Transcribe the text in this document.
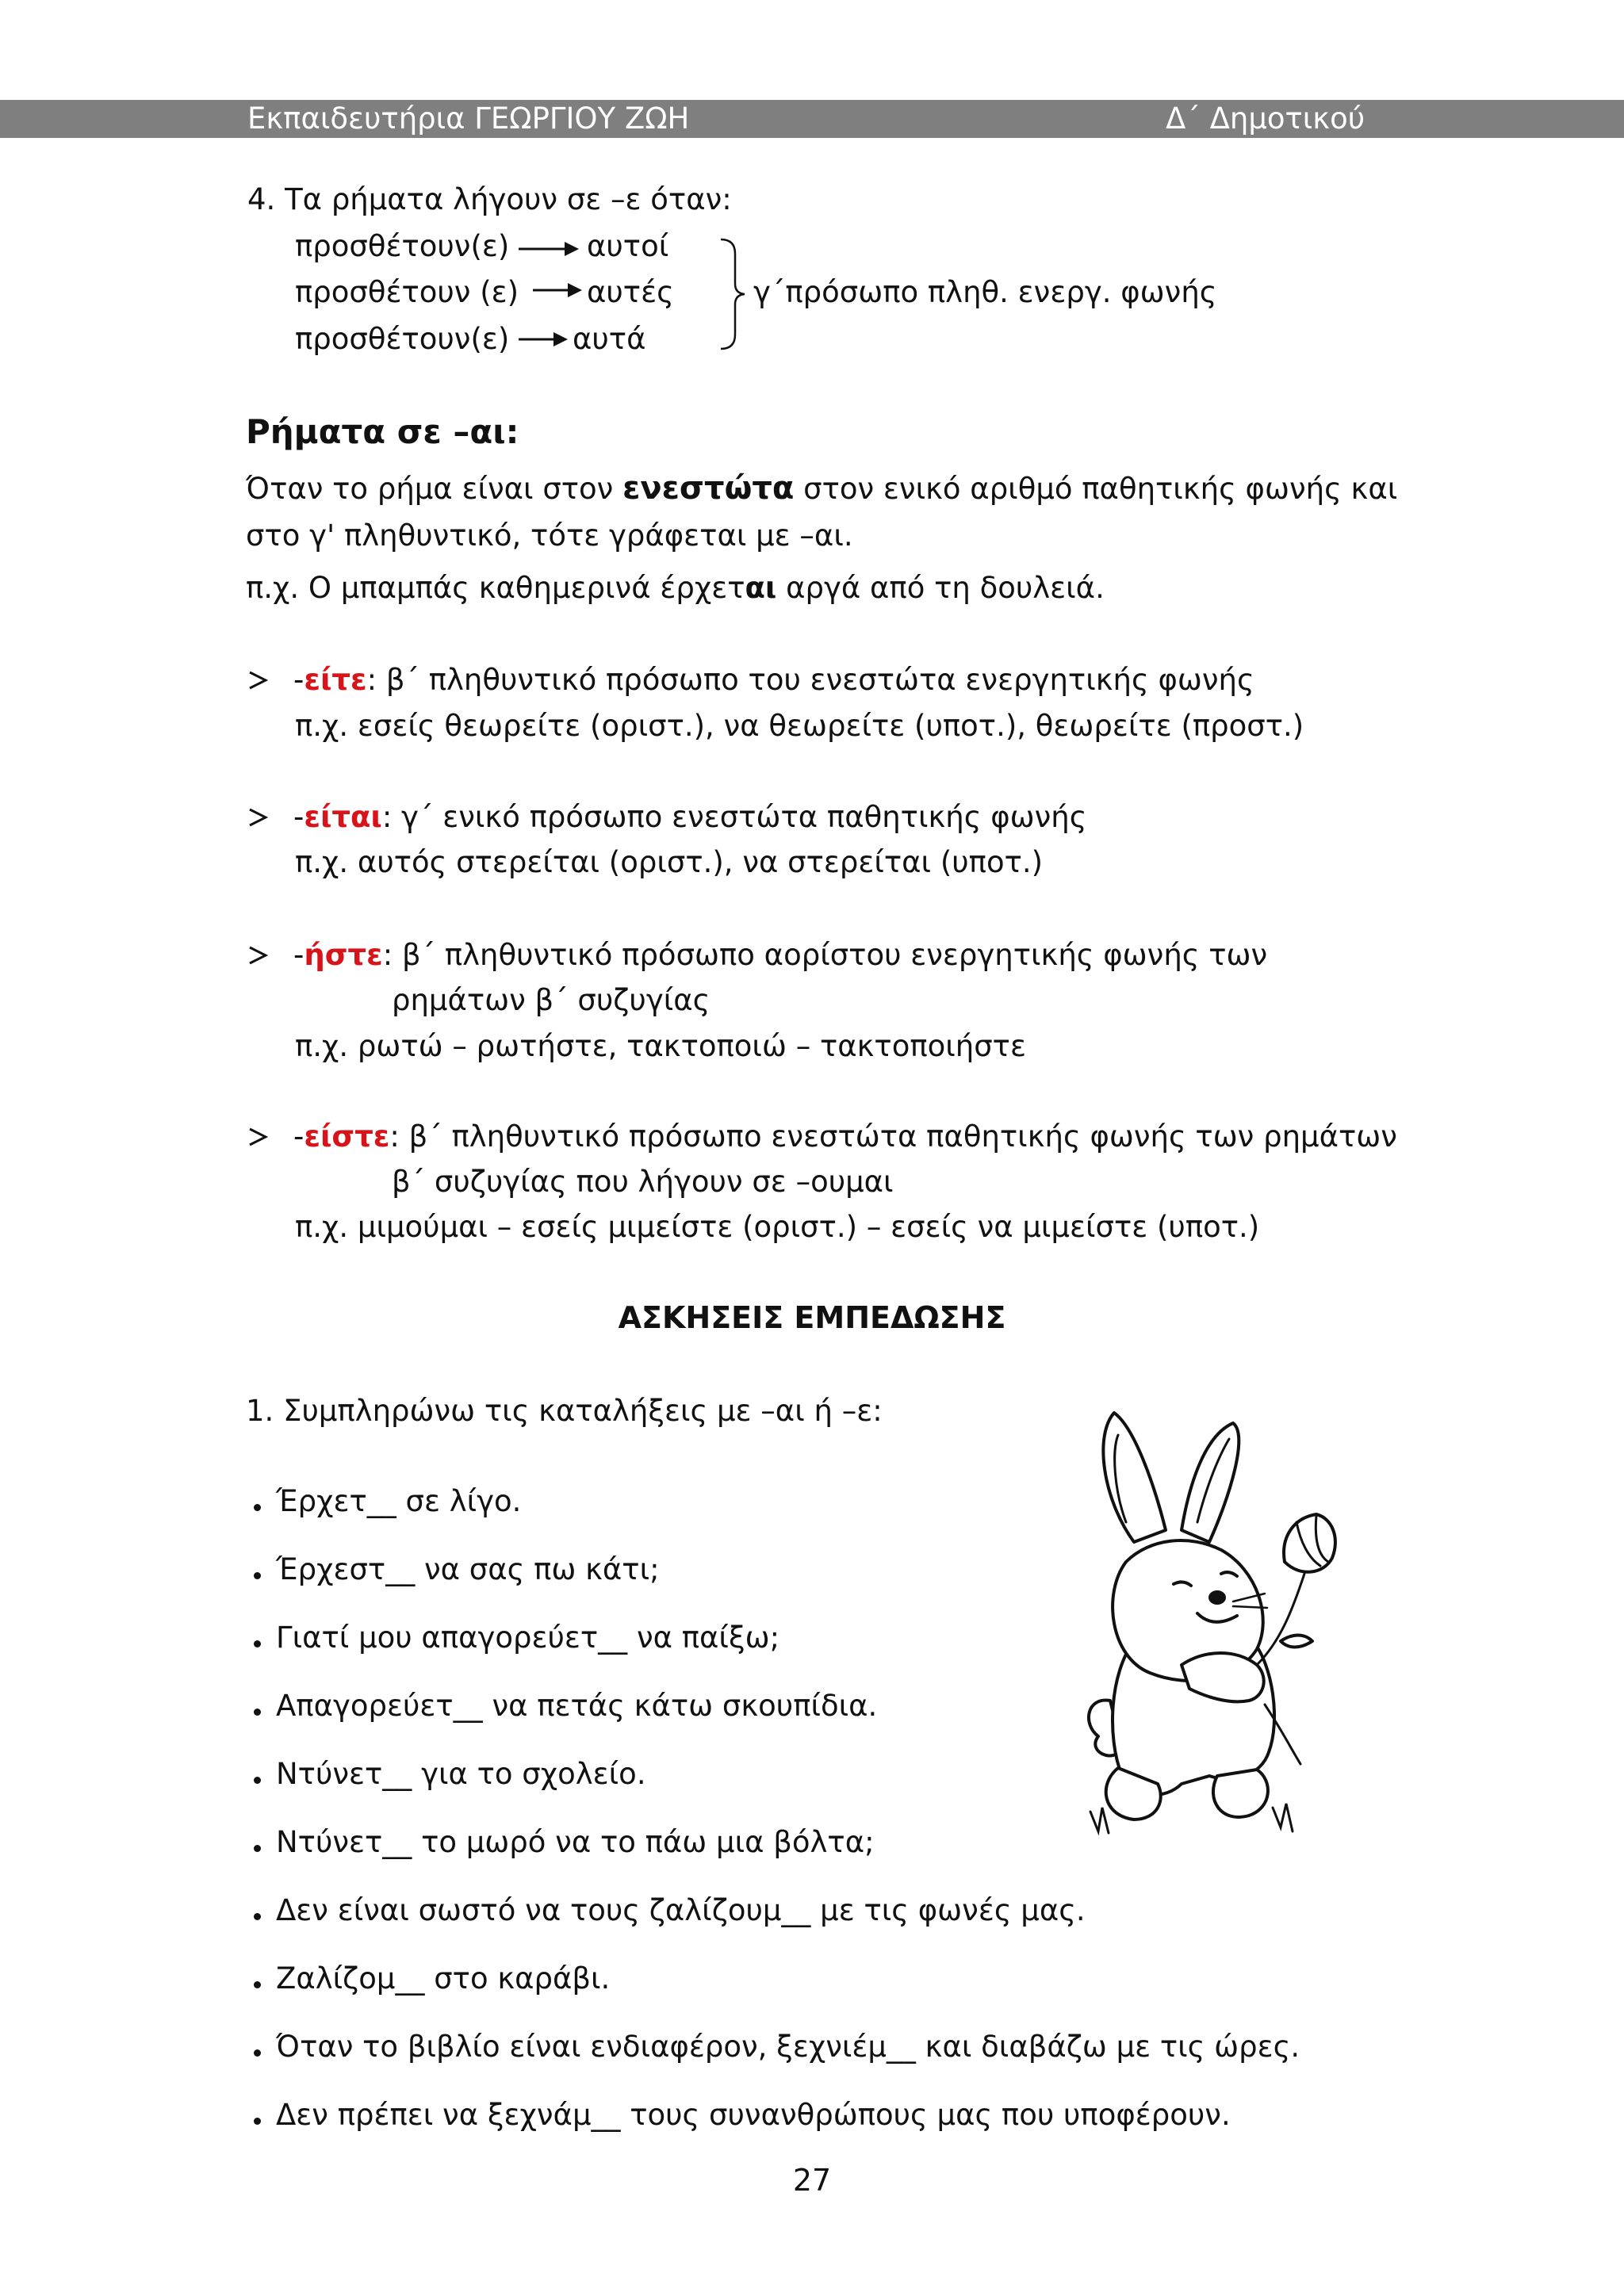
Εκπαιδευτήρια ΓΕΩΡΓΙΟΥ ΖΩΗ	Δ΄ Δημοτικού
4. Τα ρήματα λήγουν σε –ε όταν:
προσθέτουν(ε)
προσθέτουν (ε)
προσθέτουν(ε)
αυτοί
αυτές
αυτά
γ΄πρόσωπο πληθ. ενεργ. φωνής
Ρήματα σε –αι:
Όταν το ρήμα είναι στον ενεστώτα στον ενικό αριθμό παθητικής φωνής και
στο γ' πληθυντικό, τότε γράφεται με –αι.
π.χ. Ο μπαμπάς καθημερινά έρχεται αργά από τη δουλειά.
-είτε: β΄ πληθυντικό πρόσωπο του ενεστώτα ενεργητικής φωνής
π.χ. εσείς θεωρείτε (οριστ.), να θεωρείτε (υποτ.), θεωρείτε (προστ.)
-είται: γ΄ ενικό πρόσωπο ενεστώτα παθητικής φωνής
π.χ. αυτός στερείται (οριστ.), να στερείται (υποτ.)
-ήστε: β΄ πληθυντικό πρόσωπο αορίστου ενεργητικής φωνής των
ρημάτων β΄ συζυγίας
π.χ. ρωτώ – ρωτήστε, τακτοποιώ – τακτοποιήστε
-είστε: β΄ πληθυντικό πρόσωπο ενεστώτα παθητικής φωνής των ρημάτων
β΄ συζυγίας που λήγουν σε –ουμαι
π.χ. μιμούμαι – εσείς μιμείστε (οριστ.) – εσείς να μιμείστε (υποτ.)
ΑΣΚΗΣΕΙΣ ΕΜΠΕΔΩΣΗΣ
1. Συμπληρώνω τις καταλήξεις με –αι ή –ε:
Έρχετ__ σε λίγο.
Έρχεστ__ να σας πω κάτι;
Γιατί μου απαγορεύετ__ να παίξω;
Απαγορεύετ__ να πετάς κάτω σκουπίδια.
Ντύνετ__ για το σχολείο.
Ντύνετ__ το μωρό να το πάω μια βόλτα;
Δεν είναι σωστό να τους ζαλίζουμ__ με τις φωνές μας.
Ζαλίζομ__ στο καράβι.
Όταν το βιβλίο είναι ενδιαφέρον, ξεχνιέμ__ και διαβάζω με τις ώρες.
Δεν πρέπει να ξεχνάμ__ τους συνανθρώπους μας που υποφέρουν.
27
